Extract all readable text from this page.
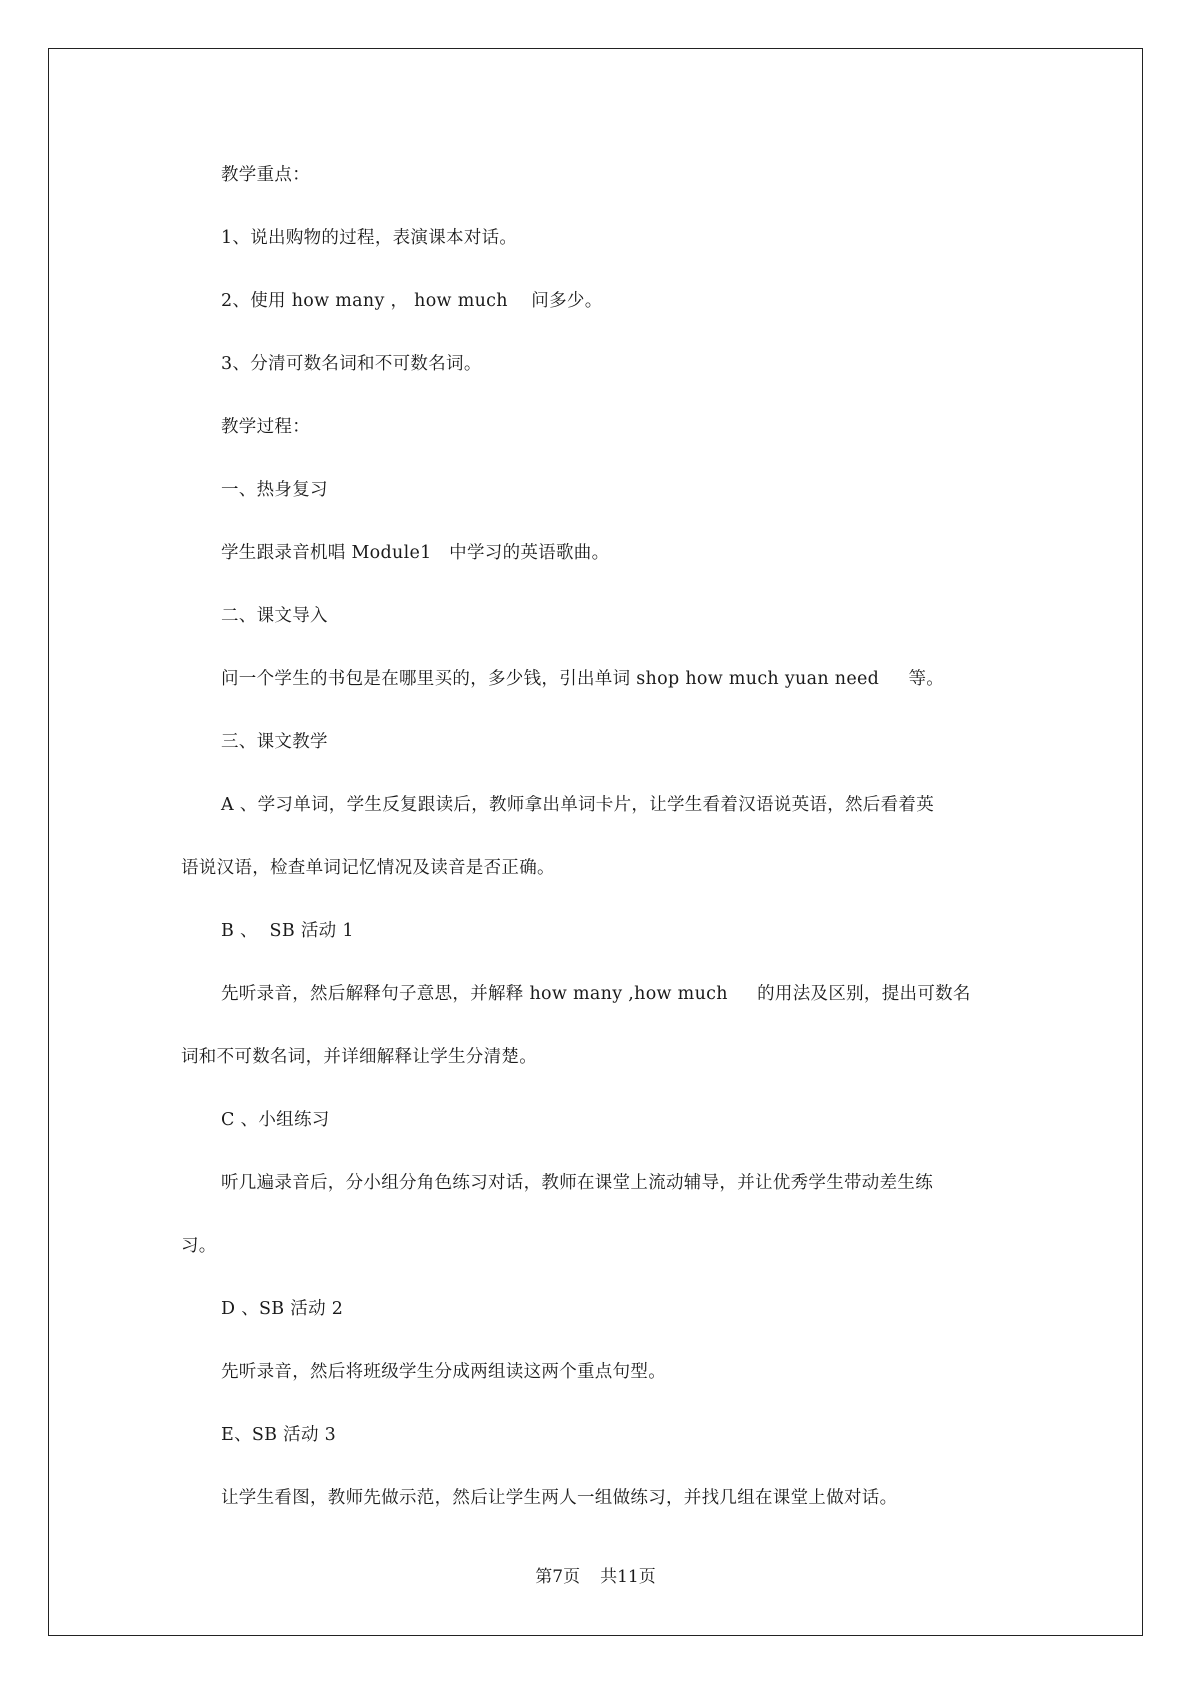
教学重点：
1、说出购物的过程，表演课本对话。
2、使用 how many ， how much    问多少。
3、分清可数名词和不可数名词。
教学过程：
一、热身复习
学生跟录音机唱 Module1   中学习的英语歌曲。
二、课文导入
问一个学生的书包是在哪里买的，多少钱，引出单词 shop how much yuan need     等。
三、课文教学
A 、学习单词，学生反复跟读后，教师拿出单词卡片，让学生看着汉语说英语，然后看着英
语说汉语，检查单词记忆情况及读音是否正确。
B 、  SB 活动 1
先听录音，然后解释句子意思，并解释 how many ,how much     的用法及区别，提出可数名
词和不可数名词，并详细解释让学生分清楚。
C 、小组练习
听几遍录音后，分小组分角色练习对话，教师在课堂上流动辅导，并让优秀学生带动差生练
习。
D 、SB 活动 2
先听录音，然后将班级学生分成两组读这两个重点句型。
E、SB 活动 3
让学生看图，教师先做示范，然后让学生两人一组做练习，并找几组在课堂上做对话。
第7页 共11页
